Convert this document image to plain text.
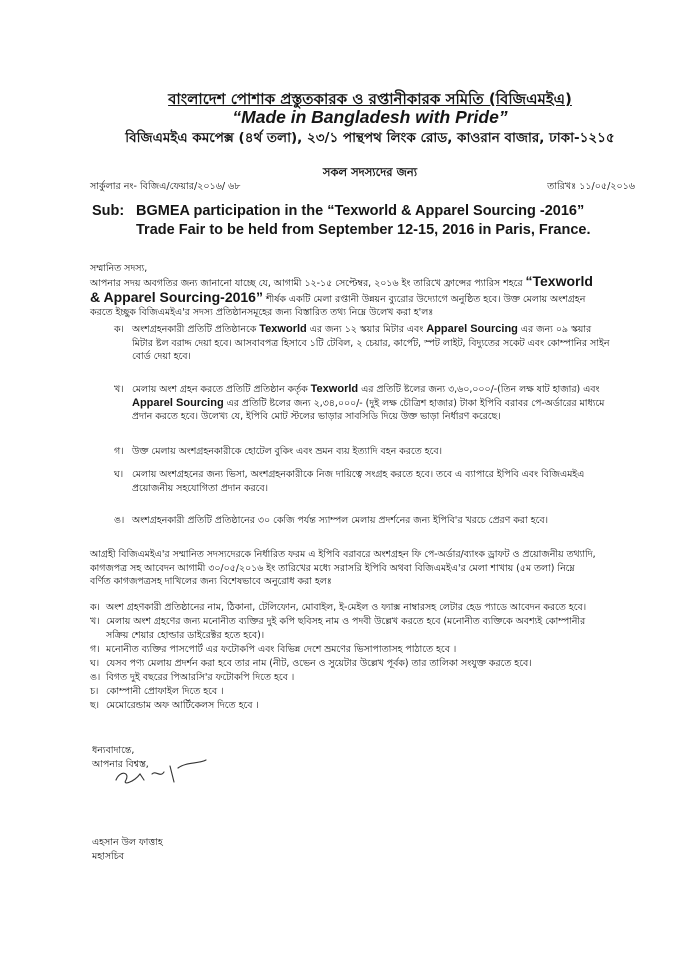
বাংলাদেশ পোশাক প্রস্তুতকারক ও রপ্তানীকারক সমিতি (বিজিএমইএ)
“Made in Bangladesh with Pride”
বিজিএমইএ কমপেক্স (৪র্থ তলা), ২৩/১ পান্থপথ লিংক রোড, কাওরান বাজার, ঢাকা-১২১৫
সকল সদস্যদের জন্য
সার্কুলার নং- বিজিএ/ফেয়ার/২০১৬/ ৬৮	তারিখঃ ১১/০৫/২০১৬
Sub: BGMEA participation in the “Texworld & Apparel Sourcing -2016” Trade Fair to be held from September 12-15, 2016 in Paris, France.
সম্মানিত সদস্য,
আপনার সদয় অবগতির জন্য জানানো যাচ্ছে যে, আগামী ১২-১৫ সেপ্টেম্বর, ২০১৬ ইং তারিখে ফ্রান্সের প্যারিস শহরে “Texworld & Apparel Sourcing-2016” শীর্ষক একটি মেলা রপ্তানী উন্নয়ন ব্যুরোর উদ্যোগে অনুষ্ঠিত হবে। উক্ত মেলায় অংশগ্রহন করতে ইচ্ছুক বিজিএমইএ'র সদস্য প্রতিষ্ঠানসমূহের জন্য বিস্তারিত তথ্য নিম্নে উলেখ করা হ'লঃ
ক। অংশগ্রহনকারী প্রতিটি প্রতিষ্ঠানকে Texworld এর জন্য ১২ স্কয়ার মিটার এবং Apparel Sourcing এর জন্য ০৯ স্কয়ার মিটার ষ্টল বরাদ্দ দেয়া হবে। আসবাবপত্র হিসাবে ১টি টেবিল, ২ চেয়ার, কার্পেট, স্পট লাইট, বিদ্যুতের সকেট এবং কোম্পানির সাইন বোর্ড দেয়া হবে।
খ। মেলায় অংশ গ্রহন করতে প্রতিটি প্রতিষ্ঠান কর্তৃক Texworld এর প্রতিটি ষ্টলের জন্য ৩,৬০,০০০/-(তিন লক্ষ ষাট হাজার) এবং Apparel Sourcing এর প্রতিটি ষ্টলের জন্য ২,৩৪,০০০/- (দুই লক্ষ চৌত্রিশ হাজার) টাকা ইপিবি বরাবর পে-অর্ডারের মাধ্যমে প্রদান করতে হবে। উলেখ্য যে, ইপিবি মোট স্টলের ভাড়ার সাবসিডি দিয়ে উক্ত ভাড়া নির্ধারণ করেছে।
গ। উক্ত মেলায় অংশগ্রহনকারীকে হোটেল বুকিং এবং ভ্রমন ব্যয় ইত্যাদি বহন করতে হবে।
ঘ। মেলায় অংশগ্রহনের জন্য ভিসা, অংশগ্রহনকারীকে নিজ দায়িত্বে সংগ্রহ করতে হবে। তবে এ ব্যাপারে ইপিবি এবং বিজিএমইএ প্রয়োজনীয় সহযোগিতা প্রদান করবে।
ঙ। অংশগ্রহনকারী প্রতিটি প্রতিষ্ঠানের ৩০ কেজি পর্যন্ত স্যাম্পল মেলায় প্রদর্শনের জন্য ইপিবি'র খরচে প্রেরণ করা হবে।
আগ্রহী বিজিএমইএ'র সম্মানিত সদস্যদেরকে নির্ধারিত ফরম এ ইপিবি বরাবরে অংশগ্রহন ফি পে-অর্ডার/ব্যাংক ড্রাফট ও প্রয়োজনীয় তথ্যাদি, কাগজপত্র সহ আবেদন আগামী ৩০/০৫/২০১৬ ইং তারিখের মধ্যে সরাসরি ইপিবি অথবা বিজিএমইএ'র মেলা শাখায় (৫ম তলা) নিম্নে বর্ণিত কাগজপত্রসহ দাখিলের জন্য বিশেষভাবে অনুরোধ করা হলঃ
ক। অংশ গ্রহণকারী প্রতিষ্ঠানের নাম, ঠিকানা, টেলিফোন, মোবাইল, ই-মেইল ও ফ্যাক্স নাম্বারসহ লেটার হেড প্যাডে আবেদন করতে হবে।
খ। মেলায় অংশ গ্রহণের জন্য মনোনীত ব্যক্তির দুই কপি ছবিসহ নাম ও পদবী উল্লেখ করতে হবে (মনোনীত ব্যক্তিকে অবশ্যই কোম্পানীর
সক্রিয় শেয়ার হোল্ডার ডাইরেক্টর হতে হবে)।
গ। মনোনীত ব্যক্তির পাসপোর্ট এর ফটোকপি এবং বিভিন্ন দেশে ভ্রমণের ভিসাপাতাসহ পাঠাতে হবে ।
ঘ। যেসব পণ্য মেলায় প্রদর্শন করা হবে তার নাম (নীট, ওভেন ও সুয়েটার উল্লেখ পূর্বক) তার তালিকা সংযুক্ত করতে হবে।
ঙ। বিগত দুই বছরের পিআরসি'র ফটোকপি দিতে হবে ।
চ। কোম্পানী প্রোফাইল দিতে হবে ।
ছ। মেমোরেন্ডাম অফ আর্টিকেলস দিতে হবে ।
ধন্যবাদান্তে,
আপনার বিশ্বস্ত,
এহসান উল ফাত্তাহ
মহাসচিব
